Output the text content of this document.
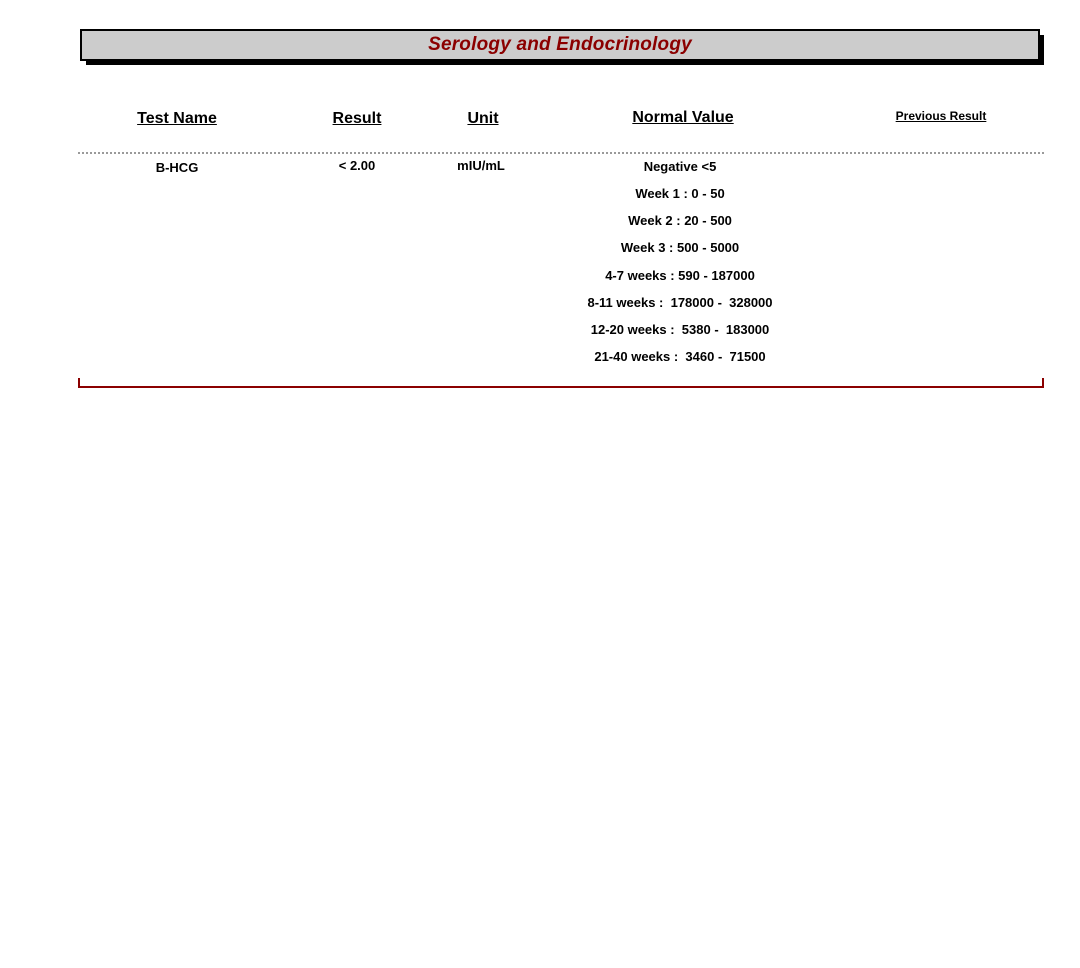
Serology and Endocrinology
Test Name	Result	Unit	Normal Value	Previous Result
B-HCG	< 2.00	mIU/mL	Negative <5
Week 1 : 0 - 50
Week 2 : 20 - 500
Week 3 : 500 - 5000
4-7 weeks : 590 - 187000
8-11 weeks :  178000 -  328000
12-20 weeks :  5380 -  183000
21-40 weeks :  3460 -  71500
